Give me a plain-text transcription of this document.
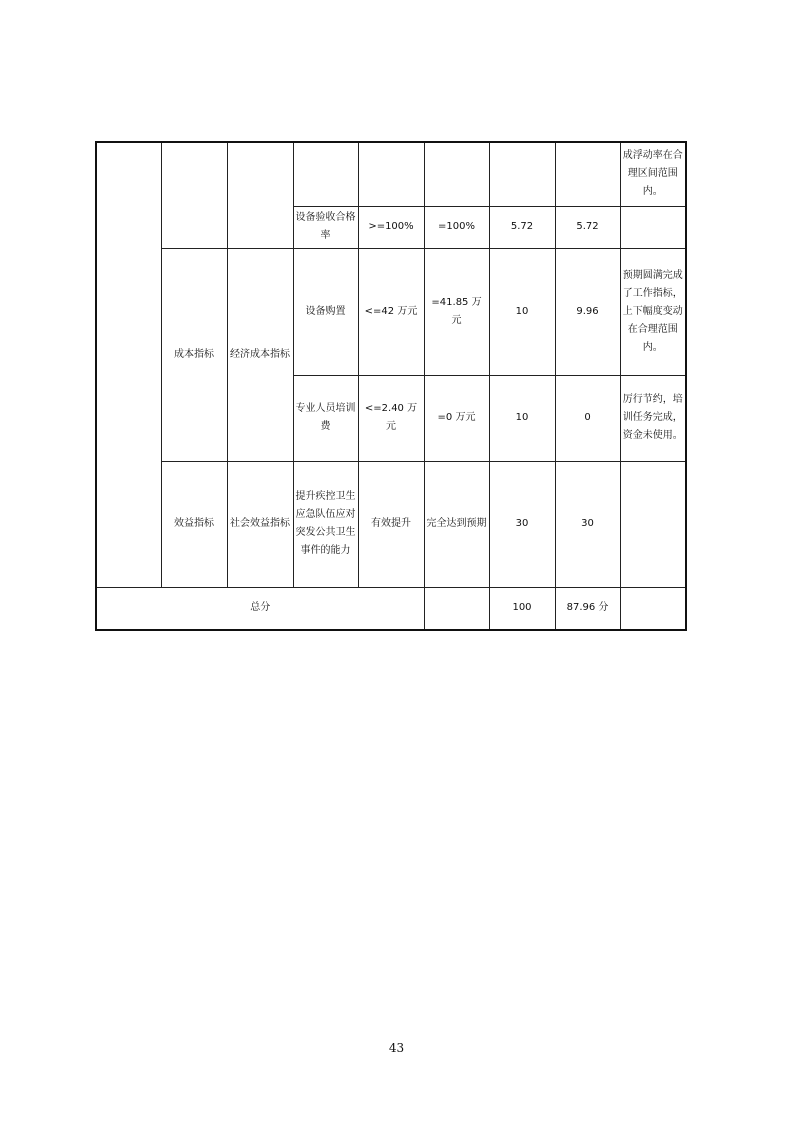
								成浮动率在合理区间范围内。
			设备验收合格率	>=100%	=100%	5.72	5.72	
	成本指标	经济成本指标	设备购置	<=42 万元	=41.85 万元	10	9.96	预期圆满完成了工作指标，上下幅度变动在合理范围内。
			专业人员培训费	<=2.40 万元	=0 万元	10	0	厉行节约，培训任务完成，资金未使用。
	效益指标	社会效益指标	提升疾控卫生应急队伍应对突发公共卫生事件的能力	有效提升	完全达到预期	30	30	
总分						100	87.96 分	
43
